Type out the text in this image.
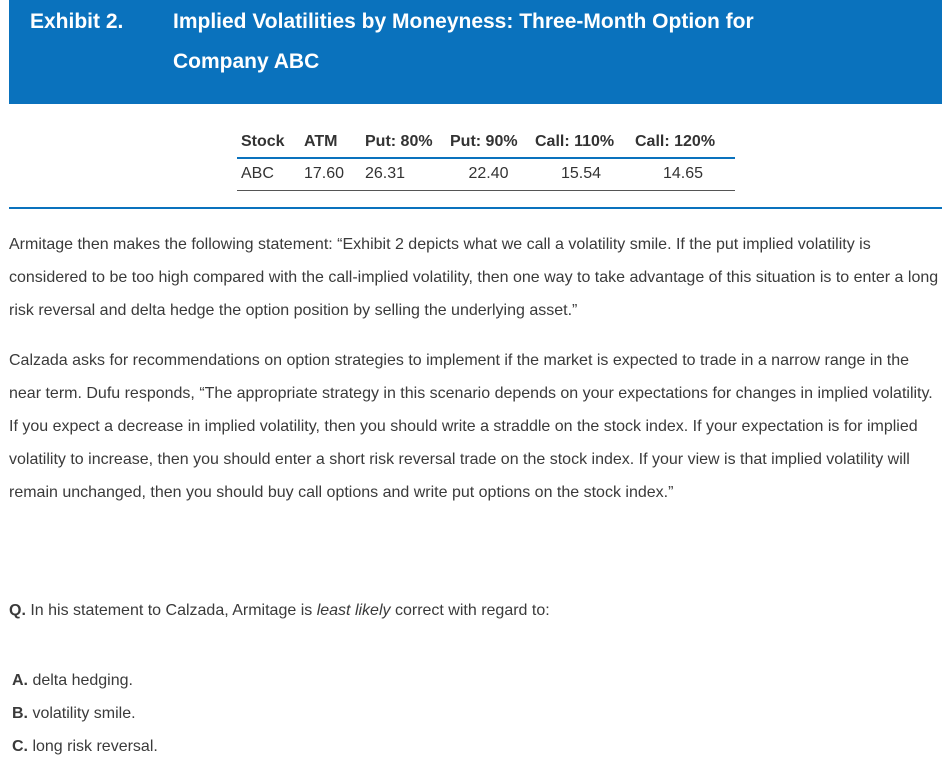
Exhibit 2. Implied Volatilities by Moneyness: Three-Month Option for
Company ABC
Stock	ATM	Put: 80%	Put: 90%	Call: 110%	Call: 120%
ABC	17.60	26.31	22.40	15.54	14.65

Armitage then makes the following statement: “Exhibit 2 depicts what we call a volatility smile. If the put implied volatility is considered to be too high compared with the call-implied volatility, then one way to take advantage of this situation is to enter a long risk reversal and delta hedge the option position by selling the underlying asset.”

Calzada asks for recommendations on option strategies to implement if the market is expected to trade in a narrow range in the near term. Dufu responds, “The appropriate strategy in this scenario depends on your expectations for changes in implied volatility. If you expect a decrease in implied volatility, then you should write a straddle on the stock index. If your expectation is for implied volatility to increase, then you should enter a short risk reversal trade on the stock index. If your view is that implied volatility will remain unchanged, then you should buy call options and write put options on the stock index.”

Q. In his statement to Calzada, Armitage is least likely correct with regard to:
A. delta hedging.
B. volatility smile.
C. long risk reversal.
